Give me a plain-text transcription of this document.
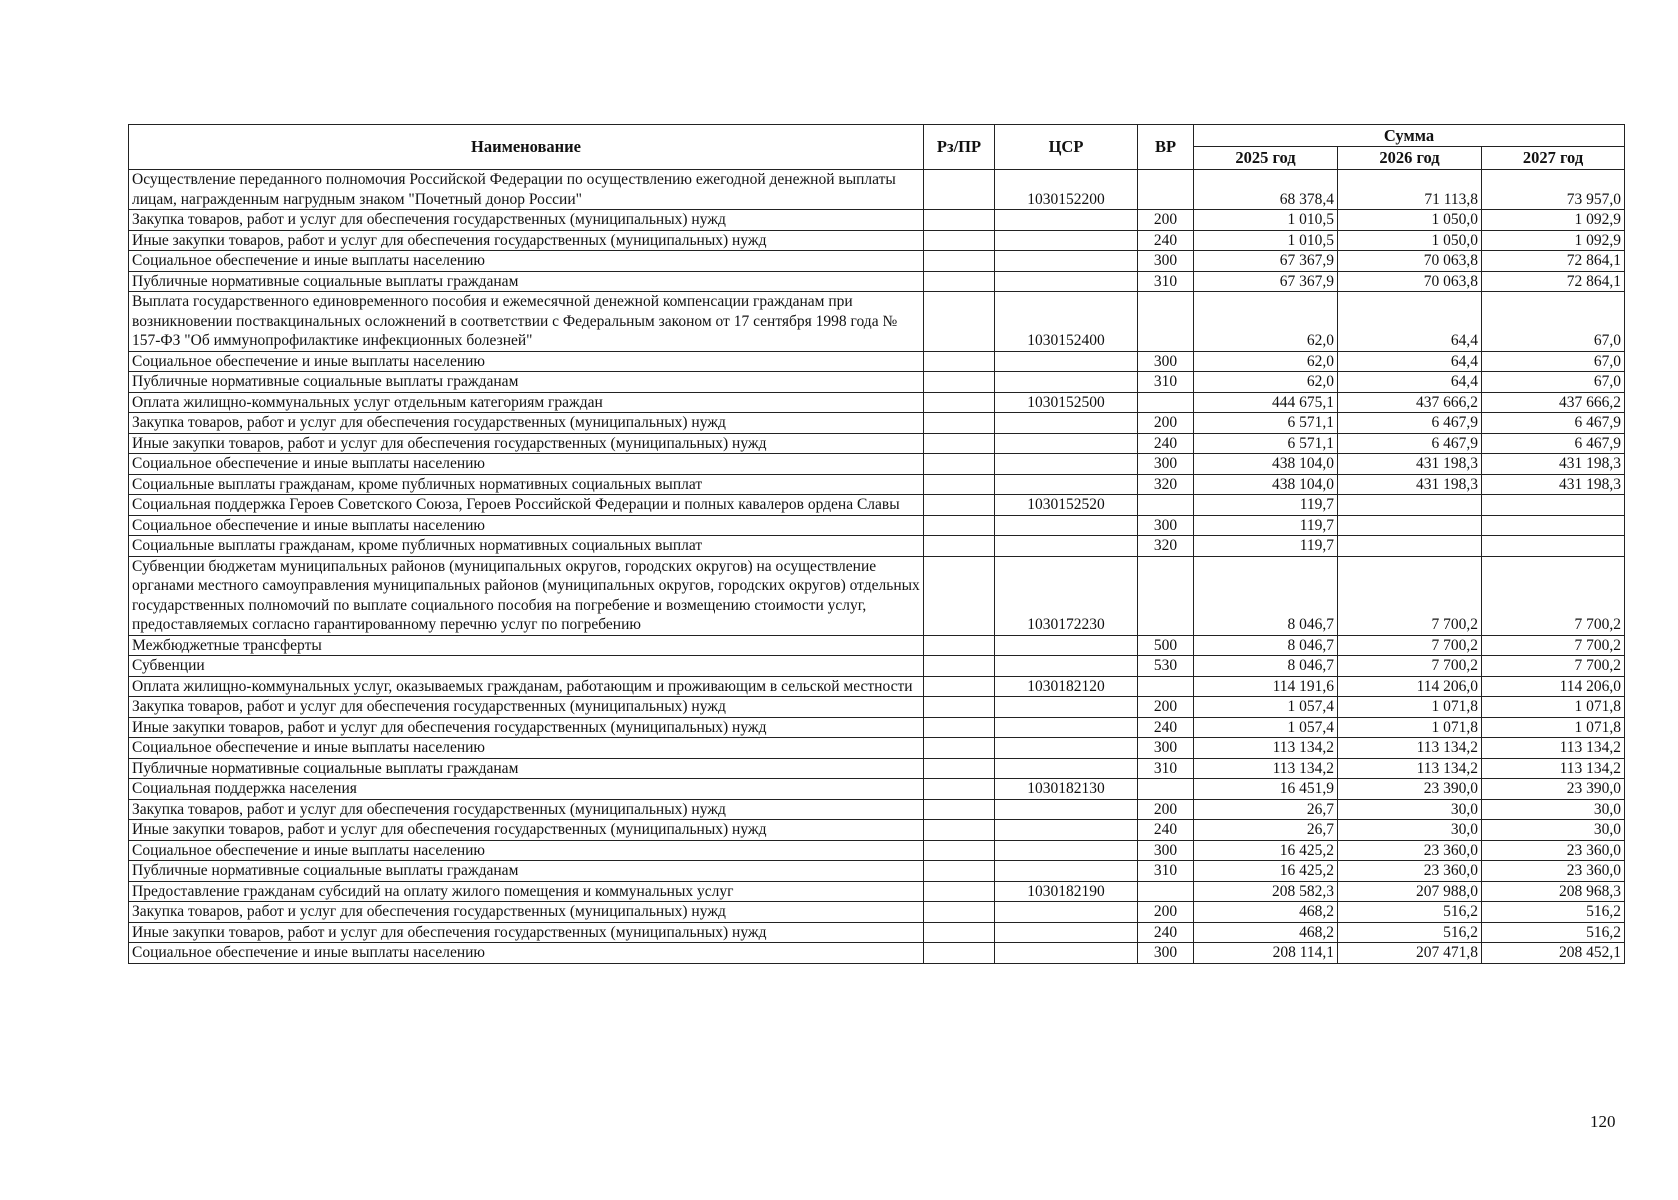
Наименование	Рз/ПР	ЦСР	ВР	Сумма		
				2025 год	2026 год	2027 год
Осуществление переданного полномочия Российской Федерации по осуществлению ежегодной денежной выплаты лицам, награжденным нагрудным знаком "Почетный донор России"		1030152200		68 378,4	71 113,8	73 957,0
Закупка товаров, работ и услуг для обеспечения государственных (муниципальных) нужд			200	1 010,5	1 050,0	1 092,9
Иные закупки товаров, работ и услуг для обеспечения государственных (муниципальных) нужд			240	1 010,5	1 050,0	1 092,9
Социальное обеспечение и иные выплаты населению			300	67 367,9	70 063,8	72 864,1
Публичные нормативные социальные выплаты гражданам			310	67 367,9	70 063,8	72 864,1
Выплата государственного единовременного пособия и ежемесячной денежной компенсации гражданам при возникновении поствакцинальных осложнений в соответствии с Федеральным законом от 17 сентября 1998 года № 157-ФЗ "Об иммунопрофилактике инфекционных болезней"		1030152400		62,0	64,4	67,0
Социальное обеспечение и иные выплаты населению			300	62,0	64,4	67,0
Публичные нормативные социальные выплаты гражданам			310	62,0	64,4	67,0
Оплата жилищно-коммунальных услуг отдельным категориям граждан		1030152500		444 675,1	437 666,2	437 666,2
Закупка товаров, работ и услуг для обеспечения государственных (муниципальных) нужд			200	6 571,1	6 467,9	6 467,9
Иные закупки товаров, работ и услуг для обеспечения государственных (муниципальных) нужд			240	6 571,1	6 467,9	6 467,9
Социальное обеспечение и иные выплаты населению			300	438 104,0	431 198,3	431 198,3
Социальные выплаты гражданам, кроме публичных нормативных социальных выплат			320	438 104,0	431 198,3	431 198,3
Социальная поддержка Героев Советского Союза, Героев Российской Федерации и полных кавалеров ордена Славы		1030152520		119,7		
Социальное обеспечение и иные выплаты населению			300	119,7		
Социальные выплаты гражданам, кроме публичных нормативных социальных выплат			320	119,7		
Субвенции бюджетам муниципальных районов (муниципальных округов, городских округов) на осуществление органами местного самоуправления муниципальных районов (муниципальных округов, городских округов) отдельных государственных полномочий по выплате социального пособия на погребение и возмещению стоимости услуг, предоставляемых согласно гарантированному перечню услуг по погребению		1030172230		8 046,7	7 700,2	7 700,2
Межбюджетные трансферты			500	8 046,7	7 700,2	7 700,2
Субвенции			530	8 046,7	7 700,2	7 700,2
Оплата жилищно-коммунальных услуг, оказываемых гражданам, работающим и проживающим в сельской местности		1030182120		114 191,6	114 206,0	114 206,0
Закупка товаров, работ и услуг для обеспечения государственных (муниципальных) нужд			200	1 057,4	1 071,8	1 071,8
Иные закупки товаров, работ и услуг для обеспечения государственных (муниципальных) нужд			240	1 057,4	1 071,8	1 071,8
Социальное обеспечение и иные выплаты населению			300	113 134,2	113 134,2	113 134,2
Публичные нормативные социальные выплаты гражданам			310	113 134,2	113 134,2	113 134,2
Социальная поддержка населения		1030182130		16 451,9	23 390,0	23 390,0
Закупка товаров, работ и услуг для обеспечения государственных (муниципальных) нужд			200	26,7	30,0	30,0
Иные закупки товаров, работ и услуг для обеспечения государственных (муниципальных) нужд			240	26,7	30,0	30,0
Социальное обеспечение и иные выплаты населению			300	16 425,2	23 360,0	23 360,0
Публичные нормативные социальные выплаты гражданам			310	16 425,2	23 360,0	23 360,0
Предоставление гражданам субсидий на оплату жилого помещения и коммунальных услуг		1030182190		208 582,3	207 988,0	208 968,3
Закупка товаров, работ и услуг для обеспечения государственных (муниципальных) нужд			200	468,2	516,2	516,2
Иные закупки товаров, работ и услуг для обеспечения государственных (муниципальных) нужд			240	468,2	516,2	516,2
Социальное обеспечение и иные выплаты населению			300	208 114,1	207 471,8	208 452,1
120
